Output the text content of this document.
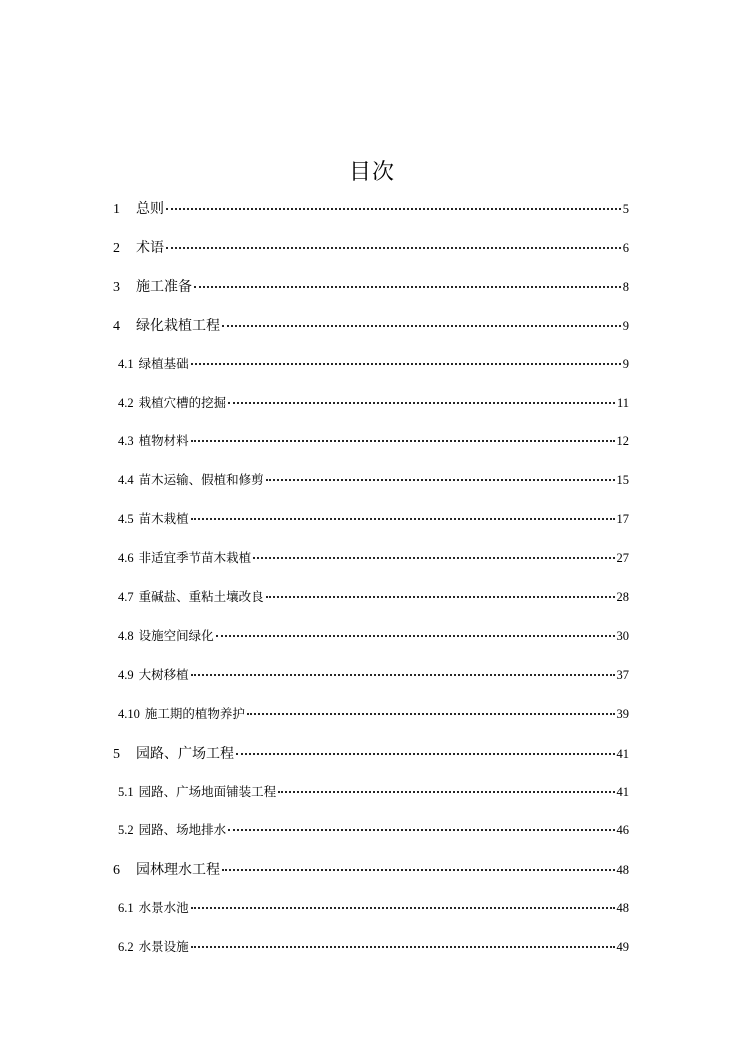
目次
1	总则	5
2	术语	6
3	施工准备	8
4	绿化栽植工程	9
4.1 绿植基础	9
4.2 栽植穴槽的挖掘	11
4.3 植物材料	12
4.4 苗木运输、假植和修剪	15
4.5 苗木栽植	17
4.6 非适宜季节苗木栽植	27
4.7 重碱盐、重粘土壤改良	28
4.8 设施空间绿化	30
4.9 大树移植	37
4.10 施工期的植物养护	39
5	园路、广场工程	41
5.1 园路、广场地面铺装工程	41
5.2 园路、场地排水	46
6	园林理水工程	48
6.1 水景水池	48
6.2 水景设施	49
